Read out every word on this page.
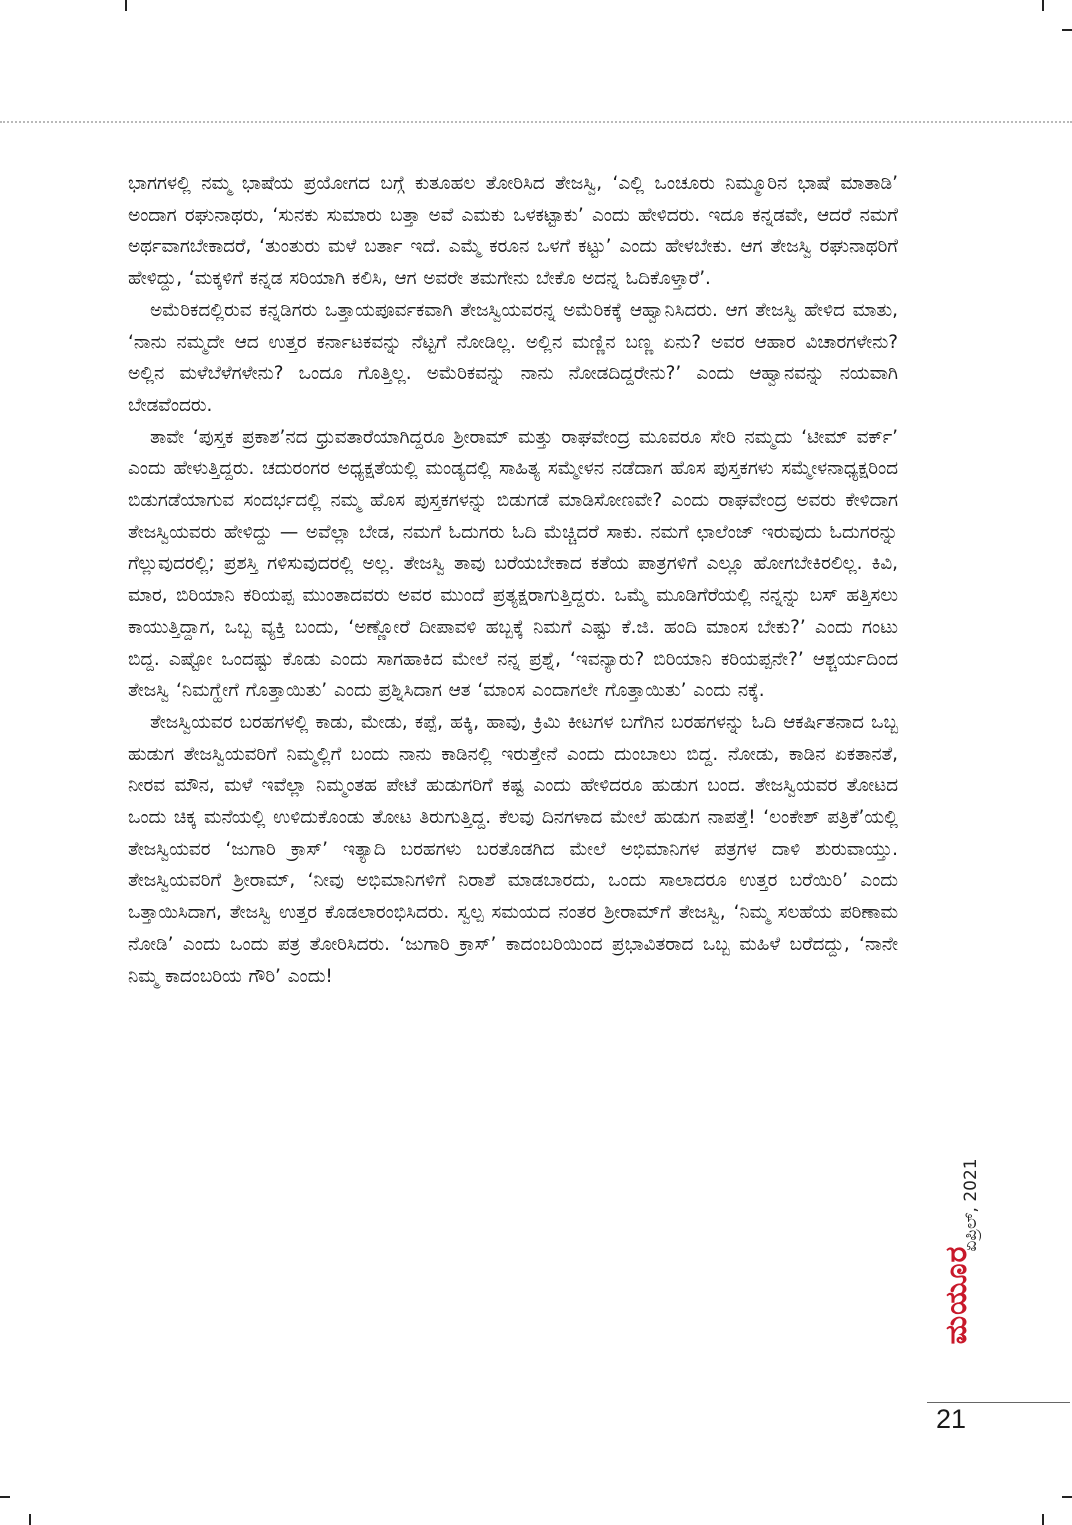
ಭಾಗಗಳಲ್ಲಿ ನಮ್ಮ ಭಾಷೆಯ ಪ್ರಯೋಗದ ಬಗ್ಗೆ ಕುತೂಹಲ ತೋರಿಸಿದ ತೇಜಸ್ವಿ, ‘ಎಲ್ಲಿ ಒಂಚೂರು ನಿಮ್ಮೂರಿನ ಭಾಷೆ ಮಾತಾಡಿ’ ಅಂದಾಗ ರಘುನಾಥರು, ‘ಸುನಕು ಸುಮಾರು ಬತ್ತಾ ಅವೆ ಎಮಕು ಒಳಕಟ್ಟಾಕು’ ಎಂದು ಹೇಳಿದರು. ಇದೂ ಕನ್ನಡವೇ, ಆದರೆ ನಮಗೆ ಅರ್ಥವಾಗಬೇಕಾದರೆ, ‘ತುಂತುರು ಮಳೆ ಬರ್ತಾ ಇದೆ. ಎಮ್ಮೆ ಕರೂನ ಒಳಗೆ ಕಟ್ಟು’ ಎಂದು ಹೇಳಬೇಕು. ಆಗ ತೇಜಸ್ವಿ ರಘುನಾಥರಿಗೆ ಹೇಳಿದ್ದು, ‘ಮಕ್ಕಳಿಗೆ ಕನ್ನಡ ಸರಿಯಾಗಿ ಕಲಿಸಿ, ಆಗ ಅವರೇ ತಮಗೇನು ಬೇಕೊ ಅದನ್ನ ಓದಿಕೊಳ್ತಾರೆ’.

ಅಮೆರಿಕದಲ್ಲಿರುವ ಕನ್ನಡಿಗರು ಒತ್ತಾಯಪೂರ್ವಕವಾಗಿ ತೇಜಸ್ವಿಯವರನ್ನ ಅಮೆರಿಕಕ್ಕೆ ಆಹ್ವಾನಿಸಿದರು. ಆಗ ತೇಜಸ್ವಿ ಹೇಳಿದ ಮಾತು, ‘ನಾನು ನಮ್ಮದೇ ಆದ ಉತ್ತರ ಕರ್ನಾಟಕವನ್ನು ನೆಟ್ಟಗೆ ನೋಡಿಲ್ಲ. ಅಲ್ಲಿನ ಮಣ್ಣಿನ ಬಣ್ಣ ಏನು? ಅವರ ಆಹಾರ ವಿಚಾರಗಳೇನು? ಅಲ್ಲಿನ ಮಳೆಬೆಳೆಗಳೇನು? ಒಂದೂ ಗೊತ್ತಿಲ್ಲ. ಅಮೆರಿಕವನ್ನು ನಾನು ನೋಡದಿದ್ದರೇನು?’ ಎಂದು ಆಹ್ವಾನವನ್ನು ನಯವಾಗಿ ಬೇಡವೆಂದರು.

ತಾವೇ ‘ಪುಸ್ತಕ ಪ್ರಕಾಶ’ನದ ಧ್ರುವತಾರೆಯಾಗಿದ್ದರೂ ಶ್ರೀರಾಮ್ ಮತ್ತು ರಾಘವೇಂದ್ರ ಮೂವರೂ ಸೇರಿ ನಮ್ಮದು ‘ಟೀಮ್ ವರ್ಕ್’ ಎಂದು ಹೇಳುತ್ತಿದ್ದರು. ಚದುರಂಗರ ಅಧ್ಯಕ್ಷತೆಯಲ್ಲಿ ಮಂಡ್ಯದಲ್ಲಿ ಸಾಹಿತ್ಯ ಸಮ್ಮೇಳನ ನಡೆದಾಗ ಹೊಸ ಪುಸ್ತಕಗಳು ಸಮ್ಮೇಳನಾಧ್ಯಕ್ಷರಿಂದ ಬಿಡುಗಡೆಯಾಗುವ ಸಂದರ್ಭದಲ್ಲಿ ನಮ್ಮ ಹೊಸ ಪುಸ್ತಕಗಳನ್ನು ಬಿಡುಗಡೆ ಮಾಡಿಸೋಣವೇ? ಎಂದು ರಾಘವೇಂದ್ರ ಅವರು ಕೇಳಿದಾಗ ತೇಜಸ್ವಿಯವರು ಹೇಳಿದ್ದು — ಅವೆಲ್ಲಾ ಬೇಡ, ನಮಗೆ ಓದುಗರು ಓದಿ ಮೆಚ್ಚಿದರೆ ಸಾಕು. ನಮಗೆ ಛಾಲೆಂಜ್ ಇರುವುದು ಓದುಗರನ್ನು ಗೆಲ್ಲುವುದರಲ್ಲಿ; ಪ್ರಶಸ್ತಿ ಗಳಿಸುವುದರಲ್ಲಿ ಅಲ್ಲ. ತೇಜಸ್ವಿ ತಾವು ಬರೆಯಬೇಕಾದ ಕತೆಯ ಪಾತ್ರಗಳಿಗೆ ಎಲ್ಲೂ ಹೋಗಬೇಕಿರಲಿಲ್ಲ. ಕಿವಿ, ಮಾರ, ಬಿರಿಯಾನಿ ಕರಿಯಪ್ಪ ಮುಂತಾದವರು ಅವರ ಮುಂದೆ ಪ್ರತ್ಯಕ್ಷರಾಗುತ್ತಿದ್ದರು. ಒಮ್ಮೆ ಮೂಡಿಗೆರೆಯಲ್ಲಿ ನನ್ನನ್ನು ಬಸ್ ಹತ್ತಿಸಲು ಕಾಯುತ್ತಿದ್ದಾಗ, ಒಬ್ಬ ವ್ಯಕ್ತಿ ಬಂದು, ‘ಅಣ್ಣೋರೆ ದೀಪಾವಳಿ ಹಬ್ಬಕ್ಕೆ ನಿಮಗೆ ಎಷ್ಟು ಕೆ.ಜಿ. ಹಂದಿ ಮಾಂಸ ಬೇಕು?’ ಎಂದು ಗಂಟು ಬಿದ್ದ. ಎಷ್ಟೋ ಒಂದಷ್ಟು ಕೊಡು ಎಂದು ಸಾಗಹಾಕಿದ ಮೇಲೆ ನನ್ನ ಪ್ರಶ್ನೆ, ‘ಇವನ್ಯಾರು? ಬಿರಿಯಾನಿ ಕರಿಯಪ್ಪನೇ?’ ಆಶ್ಚರ್ಯದಿಂದ ತೇಜಸ್ವಿ ‘ನಿಮಗ್ಹೇಗೆ ಗೊತ್ತಾಯಿತು’ ಎಂದು ಪ್ರಶ್ನಿಸಿದಾಗ ಆತ ‘ಮಾಂಸ ಎಂದಾಗಲೇ ಗೊತ್ತಾಯಿತು’ ಎಂದು ನಕ್ಕೆ.

ತೇಜಸ್ವಿಯವರ ಬರಹಗಳಲ್ಲಿ ಕಾಡು, ಮೇಡು, ಕಪ್ಪೆ, ಹಕ್ಕಿ, ಹಾವು, ಕ್ರಿಮಿ ಕೀಟಗಳ ಬಗೆಗಿನ ಬರಹಗಳನ್ನು ಓದಿ ಆಕರ್ಷಿತನಾದ ಒಬ್ಬ ಹುಡುಗ ತೇಜಸ್ವಿಯವರಿಗೆ ನಿಮ್ಮಲ್ಲಿಗೆ ಬಂದು ನಾನು ಕಾಡಿನಲ್ಲಿ ಇರುತ್ತೇನೆ ಎಂದು ದುಂಬಾಲು ಬಿದ್ದ. ನೋಡು, ಕಾಡಿನ ಏಕತಾನತೆ, ನೀರವ ಮೌನ, ಮಳೆ ಇವೆಲ್ಲಾ ನಿಮ್ಮಂತಹ ಪೇಟೆ ಹುಡುಗರಿಗೆ ಕಷ್ಟ ಎಂದು ಹೇಳಿದರೂ ಹುಡುಗ ಬಂದ. ತೇಜಸ್ವಿಯವರ ತೋಟದ ಒಂದು ಚಿಕ್ಕ ಮನೆಯಲ್ಲಿ ಉಳಿದುಕೊಂಡು ತೋಟ ತಿರುಗುತ್ತಿದ್ದ. ಕೆಲವು ದಿನಗಳಾದ ಮೇಲೆ ಹುಡುಗ ನಾಪತ್ತೆ! ‘ಲಂಕೇಶ್ ಪತ್ರಿಕೆ’ಯಲ್ಲಿ ತೇಜಸ್ವಿಯವರ ‘ಜುಗಾರಿ ಕ್ರಾಸ್’ ಇತ್ಯಾದಿ ಬರಹಗಳು ಬರತೊಡಗಿದ ಮೇಲೆ ಅಭಿಮಾನಿಗಳ ಪತ್ರಗಳ ದಾಳಿ ಶುರುವಾಯ್ತು. ತೇಜಸ್ವಿಯವರಿಗೆ ಶ್ರೀರಾಮ್, ‘ನೀವು ಅಭಿಮಾನಿಗಳಿಗೆ ನಿರಾಶೆ ಮಾಡಬಾರದು, ಒಂದು ಸಾಲಾದರೂ ಉತ್ತರ ಬರೆಯಿರಿ’ ಎಂದು ಒತ್ತಾಯಿಸಿದಾಗ, ತೇಜಸ್ವಿ ಉತ್ತರ ಕೊಡಲಾರಂಭಿಸಿದರು. ಸ್ವಲ್ಪ ಸಮಯದ ನಂತರ ಶ್ರೀರಾಮ್‌ಗೆ ತೇಜಸ್ವಿ, ‘ನಿಮ್ಮ ಸಲಹೆಯ ಪರಿಣಾಮ ನೋಡಿ’ ಎಂದು ಒಂದು ಪತ್ರ ತೋರಿಸಿದರು. ‘ಜುಗಾರಿ ಕ್ರಾಸ್’ ಕಾದಂಬರಿಯಿಂದ ಪ್ರಭಾವಿತರಾದ ಒಬ್ಬ ಮಹಿಳೆ ಬರೆದದ್ದು, ‘ನಾನೇ ನಿಮ್ಮ ಕಾದಂಬರಿಯ ಗೌರಿ’ ಎಂದು!

ಏಪ್ರಿಲ್, 2021
ಮಯೂರ
21
